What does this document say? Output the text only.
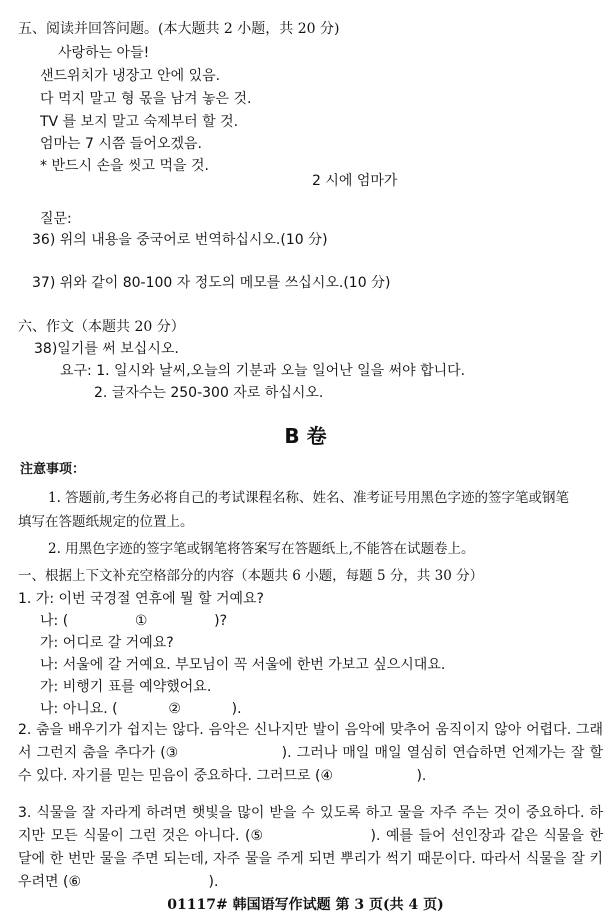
五、阅读并回答问题。(本大题共 2 小题，共 20 分)
사랑하는 아들!
샌드위치가 냉장고 안에 있음.
다 먹지 말고 형 몫을 남겨 놓은 것.
TV 를 보지 말고 숙제부터 할 것.
엄마는 7 시쯤 들어오겠음.
* 반드시 손을 씻고 먹을 것.
2 시에 엄마가
질문:
36) 위의 내용을 중국어로 번역하십시오.(10 分)
37) 위와 같이 80-100 자 정도의 메모를 쓰십시오.(10 分)
六、作文（本题共 20 分）
38)일기를 써 보십시오.
요구: 1. 일시와 날씨,오늘의 기분과 오늘 일어난 일을 써야 합니다.
2. 글자수는 250-300 자로 하십시오.
B 卷
注意事项：
1. 答题前,考生务必将自己的考试课程名称、姓名、准考证号用黑色字迹的签字笔或钢笔
填写在答题纸规定的位置上。
2. 用黑色字迹的签字笔或钢笔将答案写在答题纸上,不能答在试题卷上。
一、根据上下文补充空格部分的内容（本题共 6 小题，每题 5 分，共 30 分）
1. 가: 이번 국경절 연휴에 뭘 할 거예요?
나: (	①	)?
가: 어디로 갈 거예요?
나: 서울에 갈 거예요. 부모님이 꼭 서울에 한번 가보고 싶으시대요.
가: 비행기 표를 예약했어요.
나: 아니요. (	②	).
2. 춤을 배우기가 쉽지는 않다. 음악은 신나지만 발이 음악에 맞추어 움직이지 않아 어렵다. 그래서 그런지 춤을 추다가 (③	). 그러나 매일 매일 열심히 연습하면 언제가는 잘 할 수 있다. 자기를 믿는 믿음이 중요하다. 그러므로 (④	).
3. 식물을 잘 자라게 하려면 햇빛을 많이 받을 수 있도록 하고 물을 자주 주는 것이 중요하다. 하지만 모든 식물이 그런 것은 아니다. (⑤	). 예를 들어 선인장과 같은 식물을 한 달에 한 번만 물을 주면 되는데, 자주 물을 주게 되면 뿌리가 썩기 때문이다. 따라서 식물을 잘 키우려면 (⑥	).
01117# 韩国语写作试题 第 3 页(共 4 页)
